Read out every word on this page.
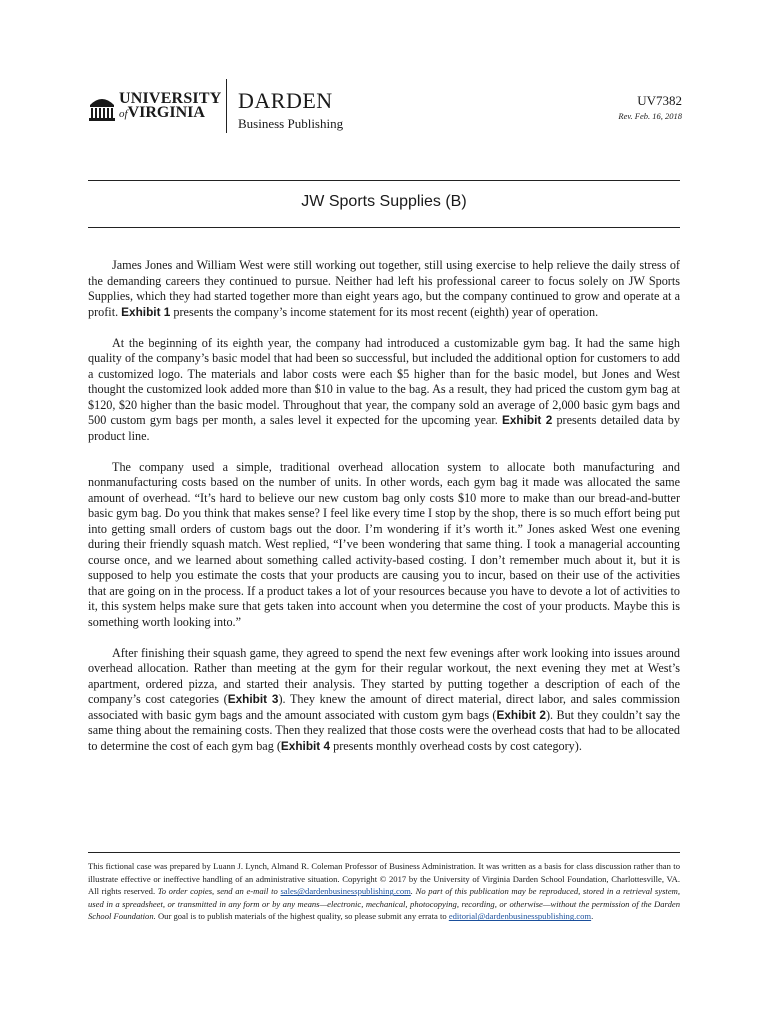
UNIVERSITY
ofVIRGINIA	DARDEN
Business Publishing
UV7382
Rev. Feb. 16, 2018
JW Sports Supplies (B)

James Jones and William West were still working out together, still using exercise to help relieve the daily stress of the demanding careers they continued to pursue. Neither had left his professional career to focus solely on JW Sports Supplies, which they had started together more than eight years ago, but the company continued to grow and operate at a profit. Exhibit 1 presents the company’s income statement for its most recent (eighth) year of operation.

At the beginning of its eighth year, the company had introduced a customizable gym bag. It had the same high quality of the company’s basic model that had been so successful, but included the additional option for customers to add a customized logo. The materials and labor costs were each $5 higher than for the basic model, but Jones and West thought the customized look added more than $10 in value to the bag. As a result, they had priced the custom gym bag at $120, $20 higher than the basic model. Throughout that year, the company sold an average of 2,000 basic gym bags and 500 custom gym bags per month, a sales level it expected for the upcoming year. Exhibit 2 presents detailed data by product line.

The company used a simple, traditional overhead allocation system to allocate both manufacturing and nonmanufacturing costs based on the number of units. In other words, each gym bag it made was allocated the same amount of overhead. “It’s hard to believe our new custom bag only costs $10 more to make than our bread-and-butter basic gym bag. Do you think that makes sense? I feel like every time I stop by the shop, there is so much effort being put into getting small orders of custom bags out the door. I’m wondering if it’s worth it.” Jones asked West one evening during their friendly squash match. West replied, “I’ve been wondering that same thing. I took a managerial accounting course once, and we learned about something called activity-based costing. I don’t remember much about it, but it is supposed to help you estimate the costs that your products are causing you to incur, based on their use of the activities that are going on in the process. If a product takes a lot of your resources because you have to devote a lot of activities to it, this system helps make sure that gets taken into account when you determine the cost of your products. Maybe this is something worth looking into.”

After finishing their squash game, they agreed to spend the next few evenings after work looking into issues around overhead allocation. Rather than meeting at the gym for their regular workout, the next evening they met at West’s apartment, ordered pizza, and started their analysis. They started by putting together a description of each of the company’s cost categories (Exhibit 3). They knew the amount of direct material, direct labor, and sales commission associated with basic gym bags and the amount associated with custom gym bags (Exhibit 2). But they couldn’t say the same thing about the remaining costs. Then they realized that those costs were the overhead costs that had to be allocated to determine the cost of each gym bag (Exhibit 4 presents monthly overhead costs by cost category).

This fictional case was prepared by Luann J. Lynch, Almand R. Coleman Professor of Business Administration. It was written as a basis for class discussion rather than to illustrate effective or ineffective handling of an administrative situation. Copyright © 2017 by the University of Virginia Darden School Foundation, Charlottesville, VA. All rights reserved. To order copies, send an e-mail to sales@dardenbusinesspublishing.com. No part of this publication may be reproduced, stored in a retrieval system, used in a spreadsheet, or transmitted in any form or by any means—electronic, mechanical, photocopying, recording, or otherwise—without the permission of the Darden School Foundation. Our goal is to publish materials of the highest quality, so please submit any errata to editorial@dardenbusinesspublishing.com.
